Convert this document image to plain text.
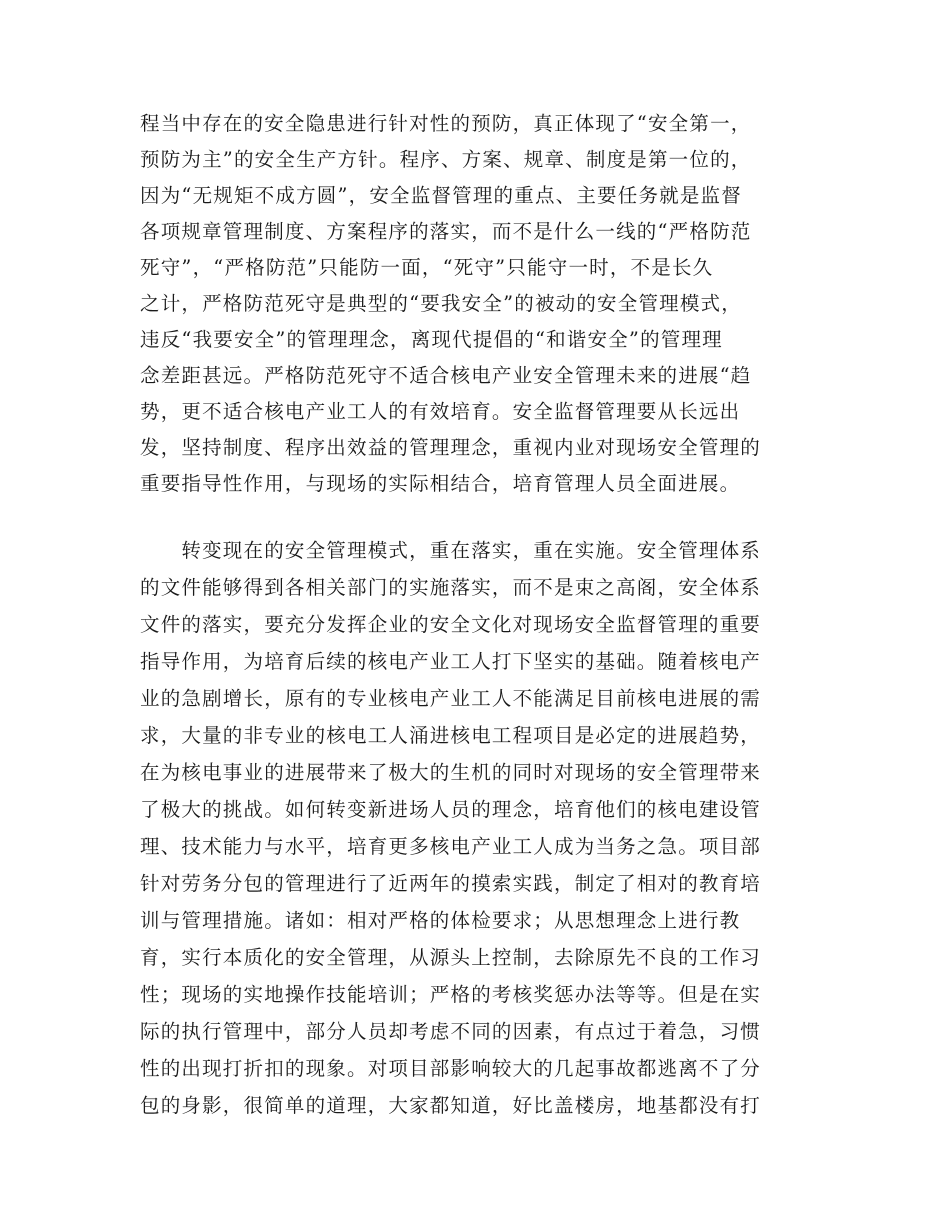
程当中存在的安全隐患进行针对性的预防，真正体现了“安全第一，
预防为主”的安全生产方针。程序、方案、规章、制度是第一位的，
因为“无规矩不成方圆”，安全监督管理的重点、主要任务就是监督
各项规章管理制度、方案程序的落实，而不是什么一线的“严格防范
死守”，“严格防范”只能防一面，“死守”只能守一时，不是长久
之计，严格防范死守是典型的“要我安全”的被动的安全管理模式，
违反“我要安全”的管理理念，离现代提倡的“和谐安全”的管理理
念差距甚远。严格防范死守不适合核电产业安全管理未来的进展“趋
势，更不适合核电产业工人的有效培育。安全监督管理要从长远出
发，坚持制度、程序出效益的管理理念，重视内业对现场安全管理的
重要指导性作用，与现场的实际相结合，培育管理人员全面进展。
　　转变现在的安全管理模式，重在落实，重在实施。安全管理体系
的文件能够得到各相关部门的实施落实，而不是束之高阁，安全体系
文件的落实，要充分发挥企业的安全文化对现场安全监督管理的重要
指导作用，为培育后续的核电产业工人打下坚实的基础。随着核电产
业的急剧增长，原有的专业核电产业工人不能满足目前核电进展的需
求，大量的非专业的核电工人涌进核电工程项目是必定的进展趋势，
在为核电事业的进展带来了极大的生机的同时对现场的安全管理带来
了极大的挑战。如何转变新进场人员的理念，培育他们的核电建设管
理、技术能力与水平，培育更多核电产业工人成为当务之急。项目部
针对劳务分包的管理进行了近两年的摸索实践，制定了相对的教育培
训与管理措施。诸如：相对严格的体检要求；从思想理念上进行教
育，实行本质化的安全管理，从源头上控制，去除原先不良的工作习
性；现场的实地操作技能培训；严格的考核奖惩办法等等。但是在实
际的执行管理中，部分人员却考虑不同的因素，有点过于着急，习惯
性的出现打折扣的现象。对项目部影响较大的几起事故都逃离不了分
包的身影，很简单的道理，大家都知道，好比盖楼房，地基都没有打
